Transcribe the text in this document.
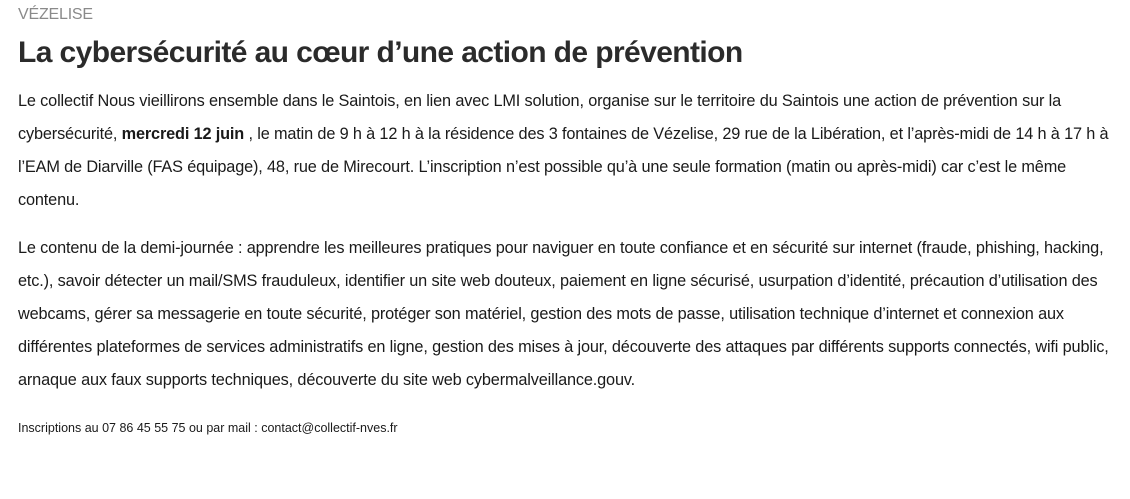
VÉZELISE
La cybersécurité au cœur d’une action de prévention

Le collectif Nous vieillirons ensemble dans le Saintois, en lien avec LMI solution, organise sur le territoire du Saintois une action de prévention sur la cybersécurité, mercredi 12 juin , le matin de 9 h à 12 h à la résidence des 3 fontaines de Vézelise, 29 rue de la Libération, et l’après-midi de 14 h à 17 h à l’EAM de Diarville (FAS équipage), 48, rue de Mirecourt. L’inscription n’est possible qu’à une seule formation (matin ou après-midi) car c’est le même contenu.

Le contenu de la demi-journée : apprendre les meilleures pratiques pour naviguer en toute confiance et en sécurité sur internet (fraude, phishing, hacking, etc.), savoir détecter un mail/SMS frauduleux, identifier un site web douteux, paiement en ligne sécurisé, usurpation d’identité, précaution d’utilisation des webcams, gérer sa messagerie en toute sécurité, protéger son matériel, gestion des mots de passe, utilisation technique d’internet et connexion aux différentes plateformes de services administratifs en ligne, gestion des mises à jour, découverte des attaques par différents supports connectés, wifi public, arnaque aux faux supports techniques, découverte du site web cybermalveillance.gouv.

Inscriptions au 07 86 45 55 75 ou par mail : contact@collectif-nves.fr
